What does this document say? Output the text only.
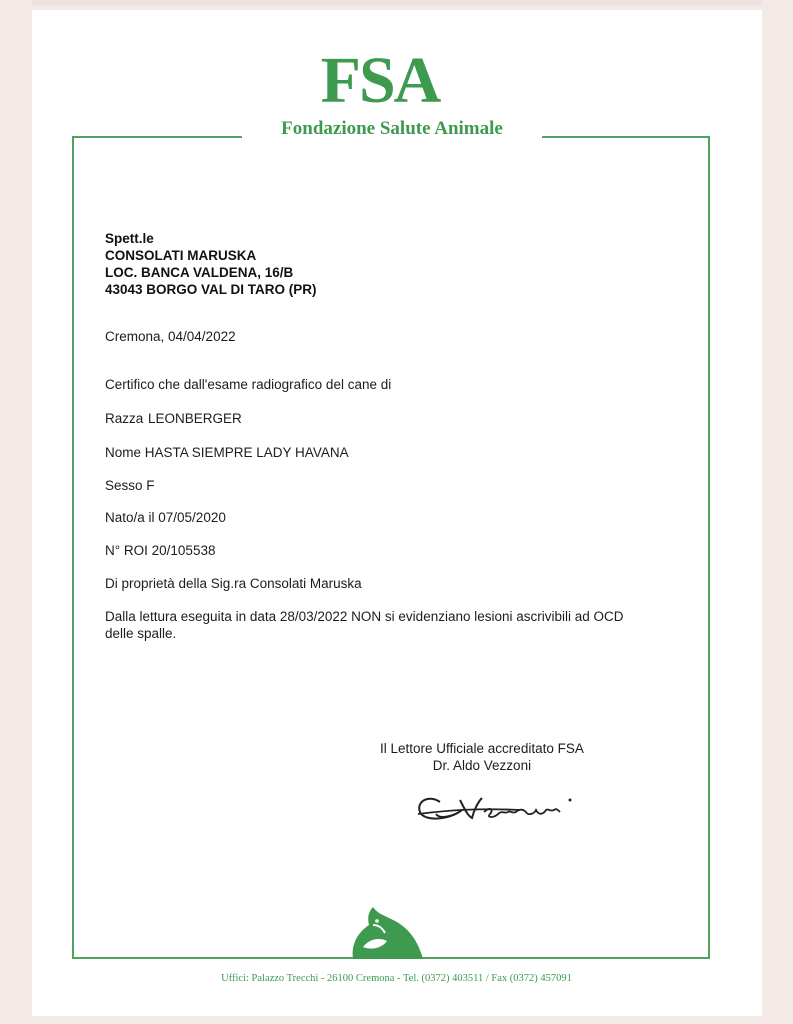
FSA
Fondazione Salute Animale
Spett.le
CONSOLATI MARUSKA
LOC. BANCA VALDENA, 16/B
43043 BORGO VAL DI TARO (PR)
Cremona, 04/04/2022
Certifico che dall'esame radiografico del cane di
Razza LEONBERGER
Nome HASTA SIEMPRE LADY HAVANA
Sesso F
Nato/a il 07/05/2020
N° ROI 20/105538
Di proprietà della Sig.ra Consolati Maruska
Dalla lettura eseguita in data 28/03/2022 NON si evidenziano lesioni ascrivibili ad OCD
delle spalle.
Il Lettore Ufficiale accreditato FSA
Dr. Aldo Vezzoni
Uffici: Palazzo Trecchi - 26100 Cremona - Tel. (0372) 403511 / Fax (0372) 457091
